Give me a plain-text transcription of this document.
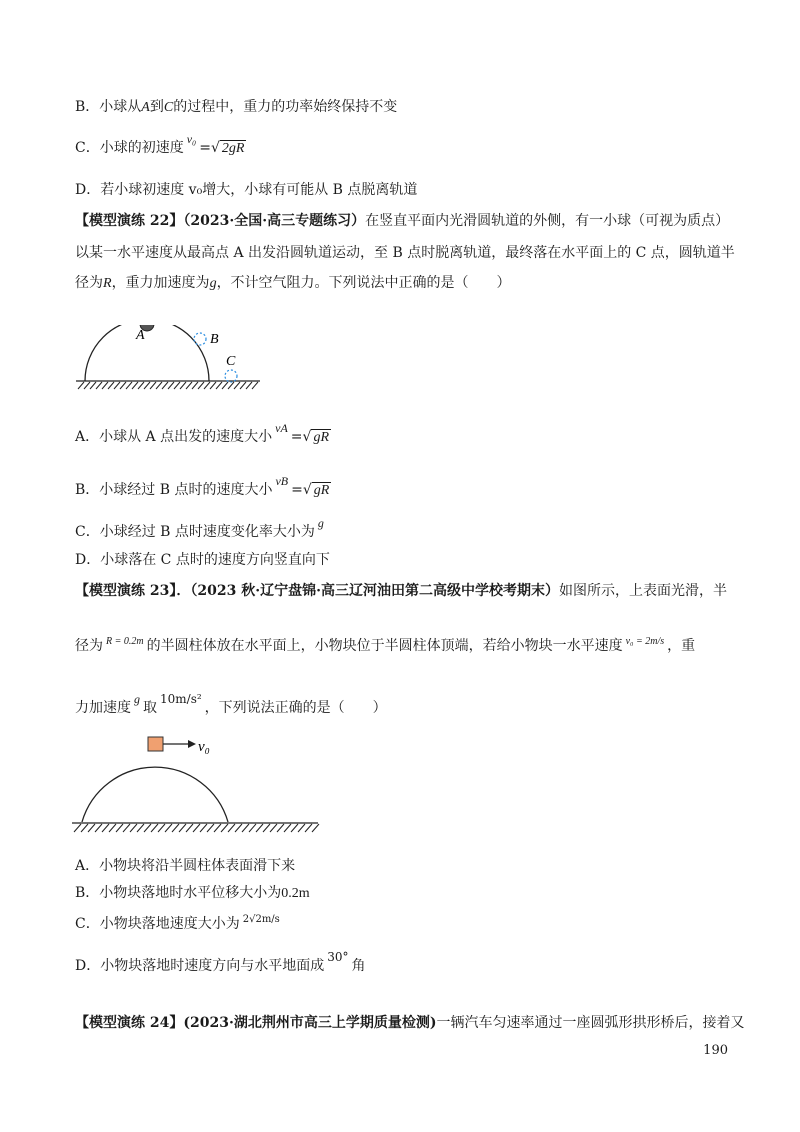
B．小球从A到C的过程中，重力的功率始终保持不变
C．小球的初速度v₀=√ 2gR
D．若小球初速度 v₀增大，小球有可能从 B 点脱离轨道
【模型演练 22】（2023·全国·高三专题练习）在竖直平面内光滑圆轨道的外侧，有一小球（可视为质点）
以某一水平速度从最高点 A 出发沿圆轨道运动，至 B 点时脱离轨道，最终落在水平面上的 C 点，圆轨道半
径为R，重力加速度为g，不计空气阻力。下列说法中正确的是（　　）
A	B
C
A．小球从 A 点出发的速度大小vA=√ gR
B．小球经过 B 点时的速度大小vB=√ gR
C．小球经过 B 点时速度变化率大小为g
D．小球落在 C 点时的速度方向竖直向下
【模型演练 23】．（2023 秋·辽宁盘锦·高三辽河油田第二高级中学校考期末）如图所示，上表面光滑，半
径为 $^{R = 0.2m}$ 的半圆柱体放在水平面上，小物块位于半圆柱体顶端，若给小物块一水平速度 $^{v_0 = 2m/s}$ ，重
力加速度g取10m/s²，下列说法正确的是（　　）
v₀
A．小物块将沿半圆柱体表面滑下来
B．小物块落地时水平位移大小为0.2m
C．小物块落地速度大小为 $^{2√2m/s}$
D．小物块落地时速度方向与水平地面成30°角
【模型演练 24】(2023·湖北荆州市高三上学期质量检测)一辆汽车匀速率通过一座圆弧形拱形桥后，接着又
190
